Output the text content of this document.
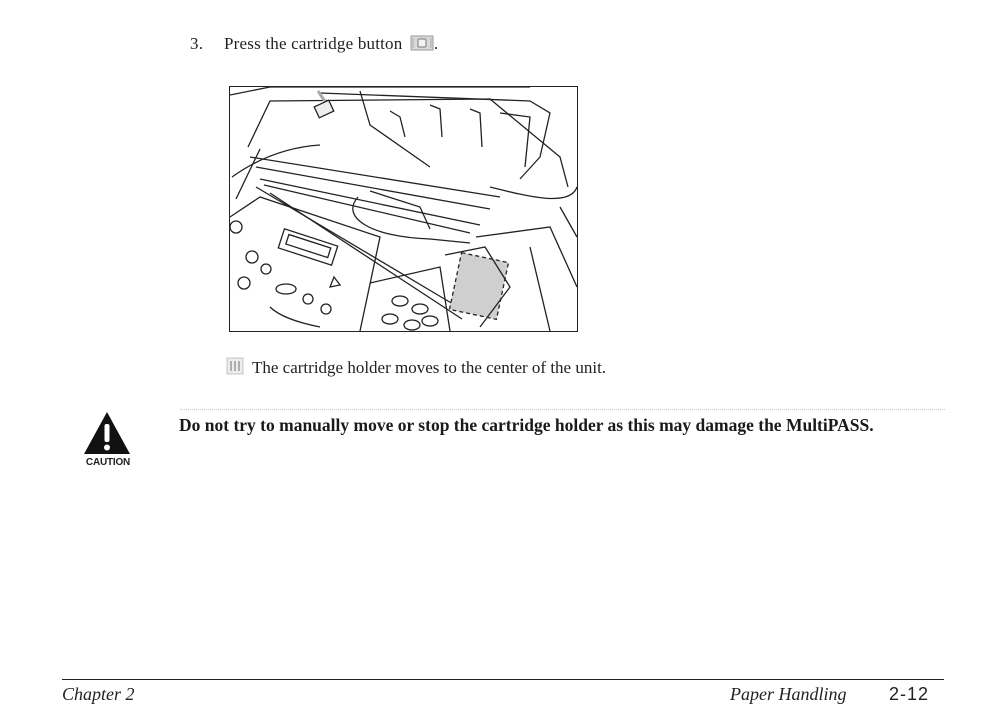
3. Press the cartridge button .
The cartridge holder moves to the center of the unit.
CAUTION
Do not try to manually move or stop the cartridge holder as this may damage the MultiPASS.
Chapter 2	Paper Handling 2-12
